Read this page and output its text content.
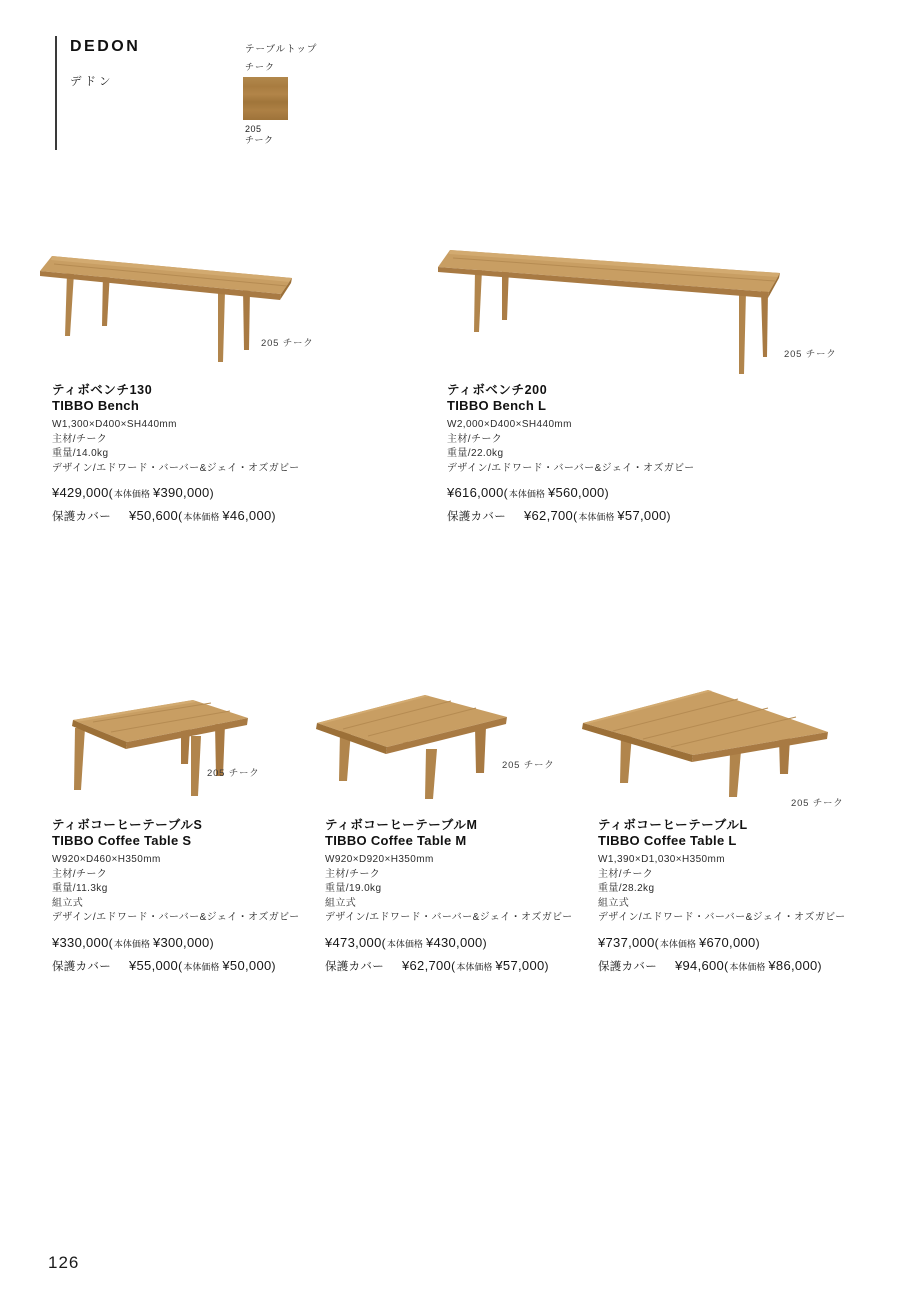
DEDON
デドン
テーブルトップ
チーク
205
チーク
205 チーク
ティボベンチ130
TIBBO Bench
W1,300×D400×SH440mm
主材/チーク
重量/14.0kg
デザイン/エドワード・バーバー&ジェイ・オズガビー
¥429,000(本体価格 ¥390,000)
保護カバー ¥50,600(本体価格 ¥46,000)
205 チーク
ティボベンチ200
TIBBO Bench L
W2,000×D400×SH440mm
主材/チーク
重量/22.0kg
デザイン/エドワード・バーバー&ジェイ・オズガビー
¥616,000(本体価格 ¥560,000)
保護カバー ¥62,700(本体価格 ¥57,000)
205 チーク
ティボコーヒーテーブルS
TIBBO Coffee Table S
W920×D460×H350mm
主材/チーク
重量/11.3kg
組立式
デザイン/エドワード・バーバー&ジェイ・オズガビー
¥330,000(本体価格 ¥300,000)
保護カバー ¥55,000(本体価格 ¥50,000)
205 チーク
ティボコーヒーテーブルM
TIBBO Coffee Table M
W920×D920×H350mm
主材/チーク
重量/19.0kg
組立式
デザイン/エドワード・バーバー&ジェイ・オズガビー
¥473,000(本体価格 ¥430,000)
保護カバー ¥62,700(本体価格 ¥57,000)
205 チーク
ティボコーヒーテーブルL
TIBBO Coffee Table L
W1,390×D1,030×H350mm
主材/チーク
重量/28.2kg
組立式
デザイン/エドワード・バーバー&ジェイ・オズガビー
¥737,000(本体価格 ¥670,000)
保護カバー ¥94,600(本体価格 ¥86,000)
126
